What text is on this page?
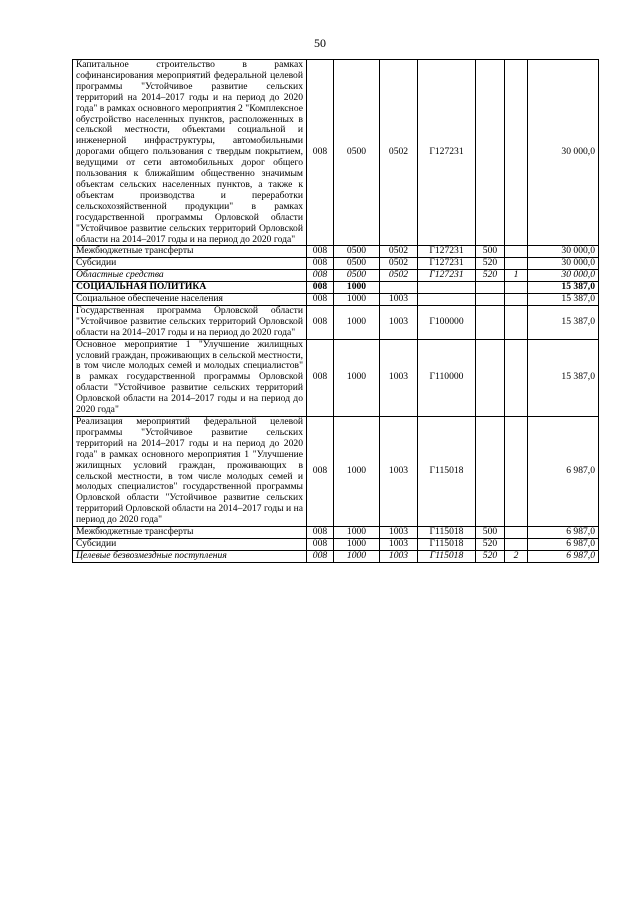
50
Капитальное строительство в рамках софинансирования мероприятий федеральной целевой программы "Устойчивое развитие сельских территорий на 2014–2017 годы и на период до 2020 года" в рамках основного мероприятия 2 "Комплексное обустройство населенных пунктов, расположенных в сельской местности, объектами социальной и инженерной инфраструктуры, автомобильными дорогами общего пользования с твердым покрытием, ведущими от сети автомобильных дорог общего пользования к ближайшим общественно значимым объектам сельских населенных пунктов, а также к объектам производства и переработки сельскохозяйственной продукции" в рамках государственной программы Орловской области "Устойчивое развитие сельских территорий Орловской области на 2014–2017 годы и на период до 2020 года"	008	0500	0502	Г127231			30 000,0
Межбюджетные трансферты	008	0500	0502	Г127231	500		30 000,0
Субсидии	008	0500	0502	Г127231	520		30 000,0
Областные средства	008	0500	0502	Г127231	520	1	30 000,0
СОЦИАЛЬНАЯ ПОЛИТИКА	008	1000					15 387,0
Социальное обеспечение населения	008	1000	1003				15 387,0
Государственная программа Орловской области "Устойчивое развитие сельских территорий Орловской области на 2014–2017 годы и на период до 2020 года"	008	1000	1003	Г100000			15 387,0
Основное мероприятие 1 "Улучшение жилищных условий граждан, проживающих в сельской местности, в том числе молодых семей и молодых специалистов" в рамках государственной программы Орловской области "Устойчивое развитие сельских территорий Орловской области на 2014–2017 годы и на период до 2020 года"	008	1000	1003	Г110000			15 387,0
Реализация мероприятий федеральной целевой программы "Устойчивое развитие сельских территорий на 2014–2017 годы и на период до 2020 года" в рамках основного мероприятия 1 "Улучшение жилищных условий граждан, проживающих в сельской местности, в том числе молодых семей и молодых специалистов" государственной программы Орловской области "Устойчивое развитие сельских территорий Орловской области на 2014–2017 годы и на период до 2020 года"	008	1000	1003	Г115018			6 987,0
Межбюджетные трансферты	008	1000	1003	Г115018	500		6 987,0
Субсидии	008	1000	1003	Г115018	520		6 987,0
Целевые безвозмездные поступления	008	1000	1003	Г115018	520	2	6 987,0
